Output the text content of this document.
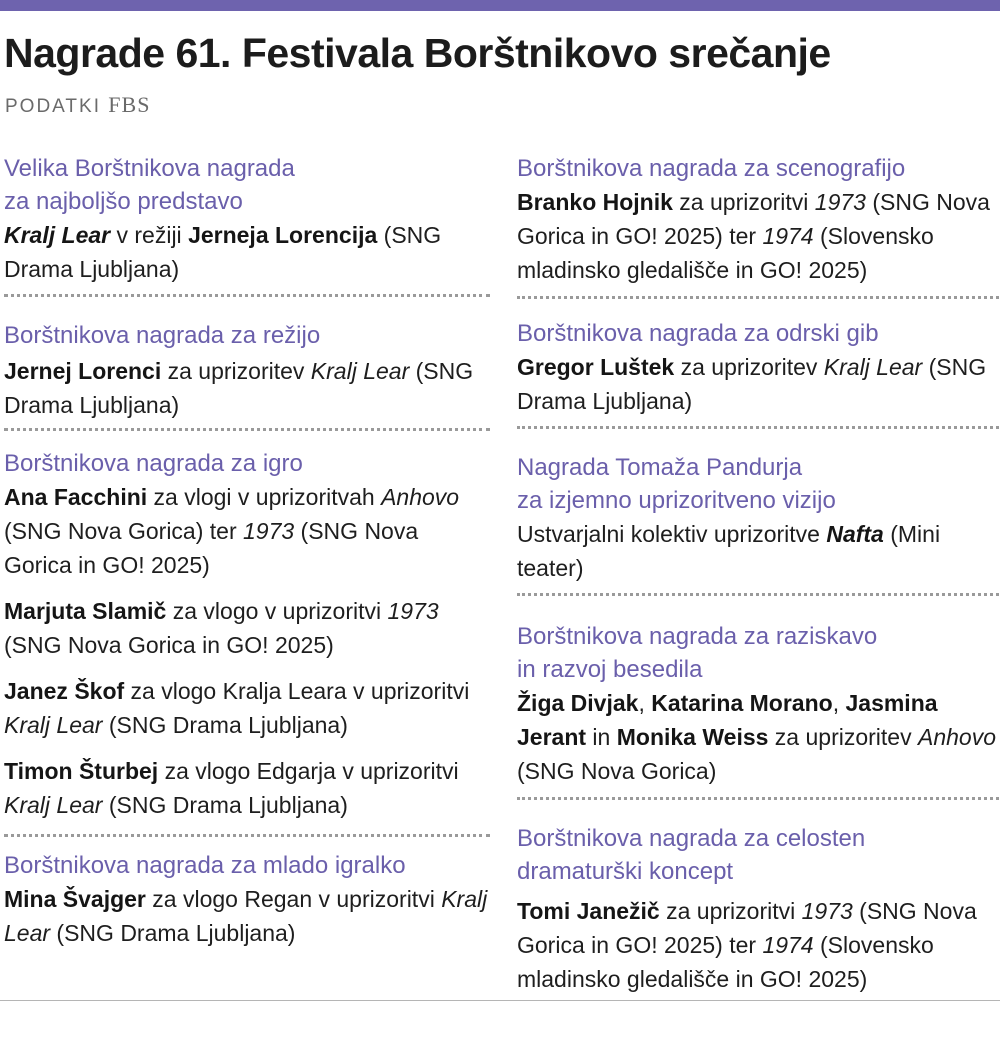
Nagrade 61. Festivala Borštnikovo srečanje
PODATKI FBS
Velika Borštnikova nagrada
za najboljšo predstavo
Kralj Lear v režiji Jerneja Lorencija (SNG Drama Ljubljana)
Borštnikova nagrada za režijo
Jernej Lorenci za uprizoritev Kralj Lear (SNG Drama Ljubljana)
Borštnikova nagrada za igro
Ana Facchini za vlogi v uprizoritvah Anhovo (SNG Nova Gorica) ter 1973 (SNG Nova Gorica in GO! 2025)
Marjuta Slamič za vlogo v uprizoritvi 1973 (SNG Nova Gorica in GO! 2025)
Janez Škof za vlogo Kralja Leara v uprizoritvi Kralj Lear (SNG Drama Ljubljana)
Timon Šturbej za vlogo Edgarja v uprizoritvi Kralj Lear (SNG Drama Ljubljana)
Borštnikova nagrada za mlado igralko
Mina Švajger za vlogo Regan v uprizoritvi Kralj Lear (SNG Drama Ljubljana)
Borštnikova nagrada za scenografijo
Branko Hojnik za uprizoritvi 1973 (SNG Nova Gorica in GO! 2025) ter 1974 (Slovensko mladinsko gledališče in GO! 2025)
Borštnikova nagrada za odrski gib
Gregor Luštek za uprizoritev Kralj Lear (SNG Drama Ljubljana)
Nagrada Tomaža Pandurja
za izjemno uprizoritveno vizijo
Ustvarjalni kolektiv uprizoritve Nafta (Mini teater)
Borštnikova nagrada za raziskavo
in razvoj besedila
Žiga Divjak, Katarina Morano, Jasmina Jerant in Monika Weiss za uprizoritev Anhovo (SNG Nova Gorica)
Borštnikova nagrada za celosten
dramaturški koncept
Tomi Janežič za uprizoritvi 1973 (SNG Nova Gorica in GO! 2025) ter 1974 (Slovensko mladinsko gledališče in GO! 2025)
